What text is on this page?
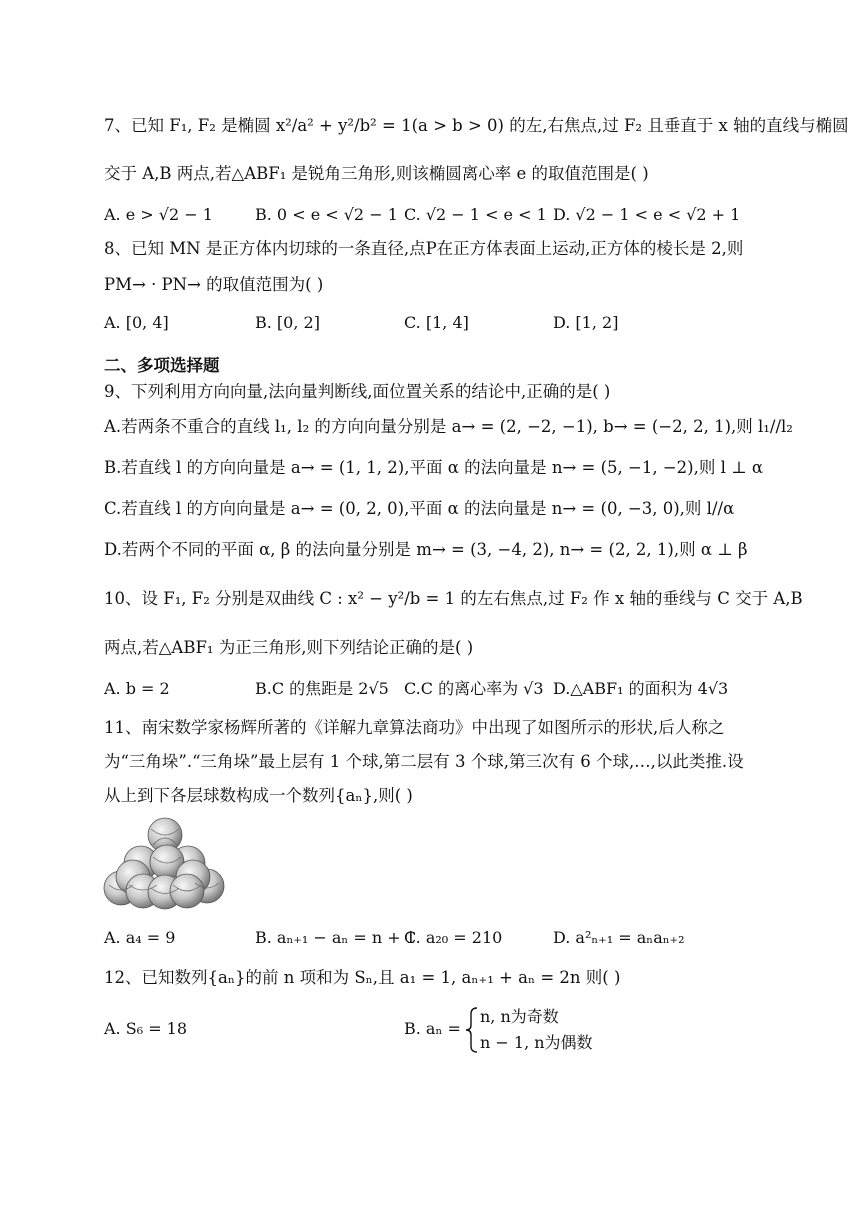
7、已知 F₁, F₂ 是椭圆 x²/a² + y²/b² = 1(a > b > 0) 的左,右焦点,过 F₂ 且垂直于 x 轴的直线与椭圆
交于 A,B 两点,若△ABF₁ 是锐角三角形,则该椭圆离心率 e 的取值范围是( )
A. e > √2 − 1	B. 0 < e < √2 − 1 C. √2 − 1 < e < 1 D. √2 − 1 < e < √2 + 1
8、已知 MN 是正方体内切球的一条直径,点P在正方体表面上运动,正方体的棱长是 2,则
PM→ · PN→ 的取值范围为( )
A. [0, 4]	B. [0, 2]	C. [1, 4]	D. [1, 2]
二、多项选择题
9、下列利用方向向量,法向量判断线,面位置关系的结论中,正确的是( )
A.若两条不重合的直线 l₁, l₂ 的方向向量分别是 a→ = (2, −2, −1), b→ = (−2, 2, 1),则 l₁//l₂
B.若直线 l 的方向向量是 a→ = (1, 1, 2),平面 α 的法向量是 n→ = (5, −1, −2),则 l ⊥ α
C.若直线 l 的方向向量是 a→ = (0, 2, 0),平面 α 的法向量是 n→ = (0, −3, 0),则 l//α
D.若两个不同的平面 α, β 的法向量分别是 m→ = (3, −4, 2), n→ = (2, 2, 1),则 α ⊥ β
10、设 F₁, F₂ 分别是双曲线 C : x² − y²/b = 1 的左右焦点,过 F₂ 作 x 轴的垂线与 C 交于 A,B
两点,若△ABF₁ 为正三角形,则下列结论正确的是( )
A. b = 2	B.C 的焦距是 2√5 C.C 的离心率为 √3 D.△ABF₁ 的面积为 4√3
11、南宋数学家杨辉所著的《详解九章算法商功》中出现了如图所示的形状,后人称之
为“三角垛”.“三角垛”最上层有 1 个球,第二层有 3 个球,第三次有 6 个球,…,以此类推.设
从上到下各层球数构成一个数列{aₙ},则( )
A. a₄ = 9	B. aₙ₊₁ − aₙ = n + 1
C. a₂₀ = 210	D. a²ₙ₊₁ = aₙaₙ₊₂
12、已知数列{aₙ}的前 n 项和为 Sₙ,且 a₁ = 1, aₙ₊₁ + aₙ = 2n 则( )
A. S₆ = 18	B. aₙ =
n, n为奇数
n − 1, n为偶数
